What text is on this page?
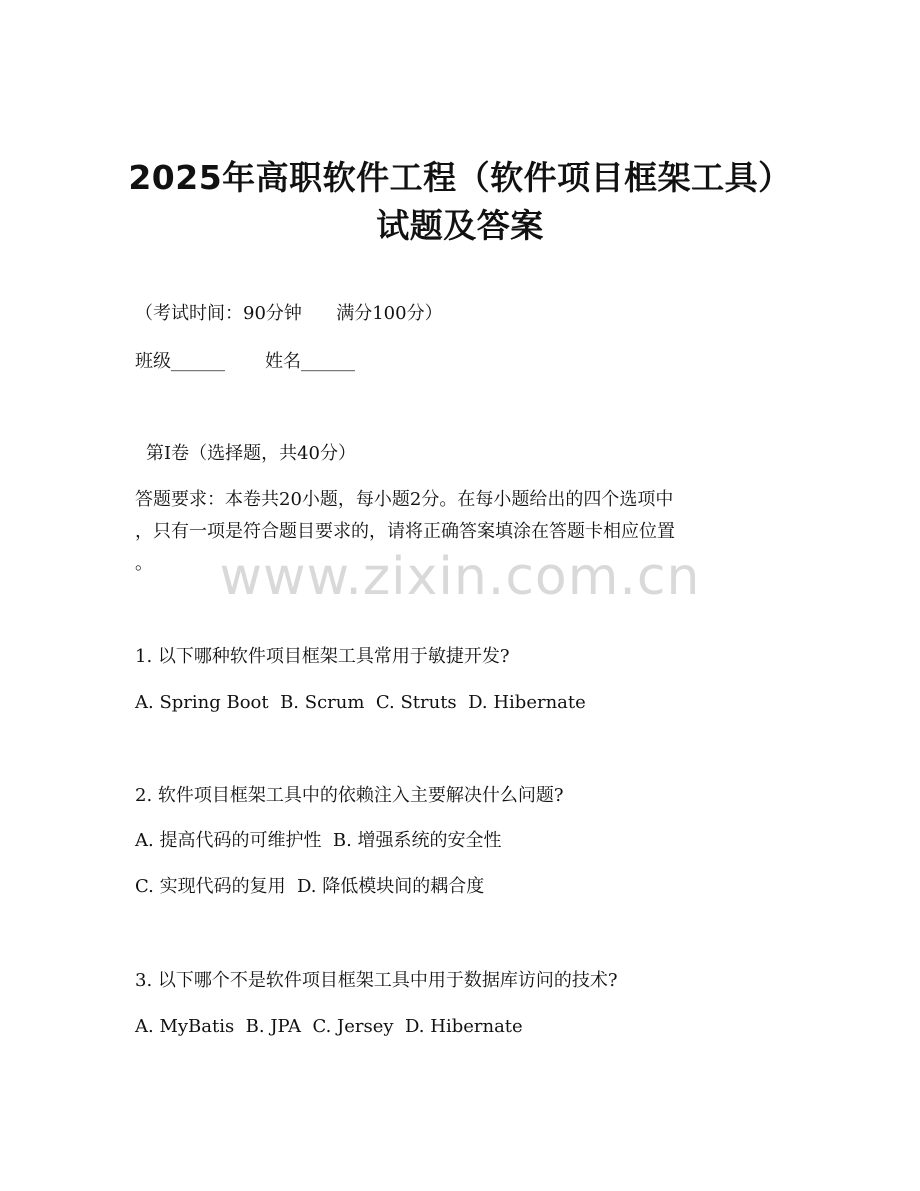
2025年高职软件工程（软件项目框架工具）
试题及答案

（考试时间：90分钟      满分100分）

班级______       姓名______

第I卷（选择题，共40分）

答题要求：本卷共20小题，每小题2分。在每小题给出的四个选项中

，只有一项是符合题目要求的，请将正确答案填涂在答题卡相应位置

。

1. 以下哪种软件项目框架工具常用于敏捷开发?

A. Spring Boot  B. Scrum  C. Struts  D. Hibernate

2. 软件项目框架工具中的依赖注入主要解决什么问题?

A. 提高代码的可维护性  B. 增强系统的安全性

C. 实现代码的复用  D. 降低模块间的耦合度

3. 以下哪个不是软件项目框架工具中用于数据库访问的技术?

A. MyBatis  B. JPA  C. Jersey  D. Hibernate

www.zixin.com.cn
